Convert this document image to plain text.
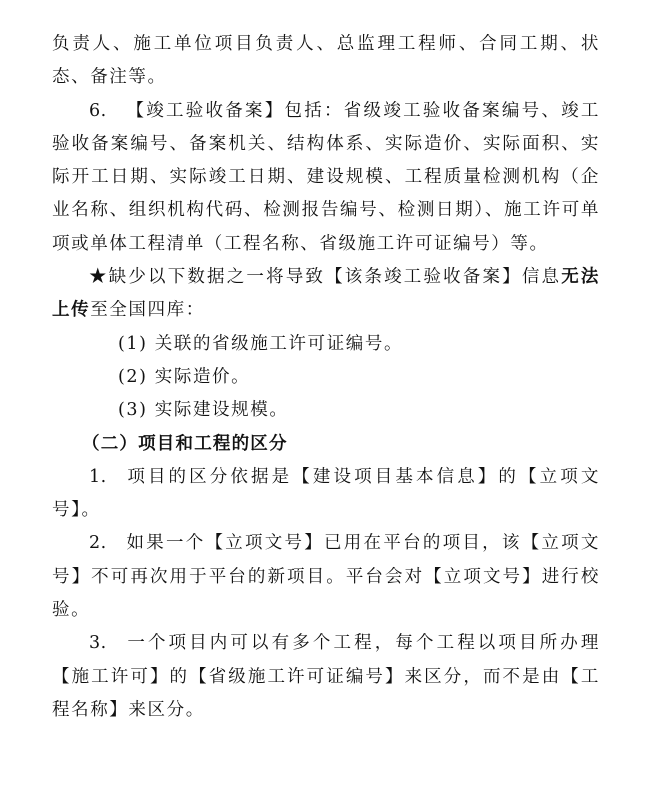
负责人、施工单位项目负责人、总监理工程师、合同工期、状态、备注等。

6.  【竣工验收备案】包括：省级竣工验收备案编号、竣工验收备案编号、备案机关、结构体系、实际造价、实际面积、实际开工日期、实际竣工日期、建设规模、工程质量检测机构（企业名称、组织机构代码、检测报告编号、检测日期）、施工许可单项或单体工程清单（工程名称、省级施工许可证编号）等。

★缺少以下数据之一将导致【该条竣工验收备案】信息无法上传至全国四库：

(1) 关联的省级施工许可证编号。

(2) 实际造价。

(3) 实际建设规模。

（二）项目和工程的区分

1.  项目的区分依据是【建设项目基本信息】的【立项文号】。

2.  如果一个【立项文号】已用在平台的项目，该【立项文号】不可再次用于平台的新项目。平台会对【立项文号】进行校验。

3.  一个项目内可以有多个工程，每个工程以项目所办理【施工许可】的【省级施工许可证编号】来区分，而不是由【工程名称】来区分。
